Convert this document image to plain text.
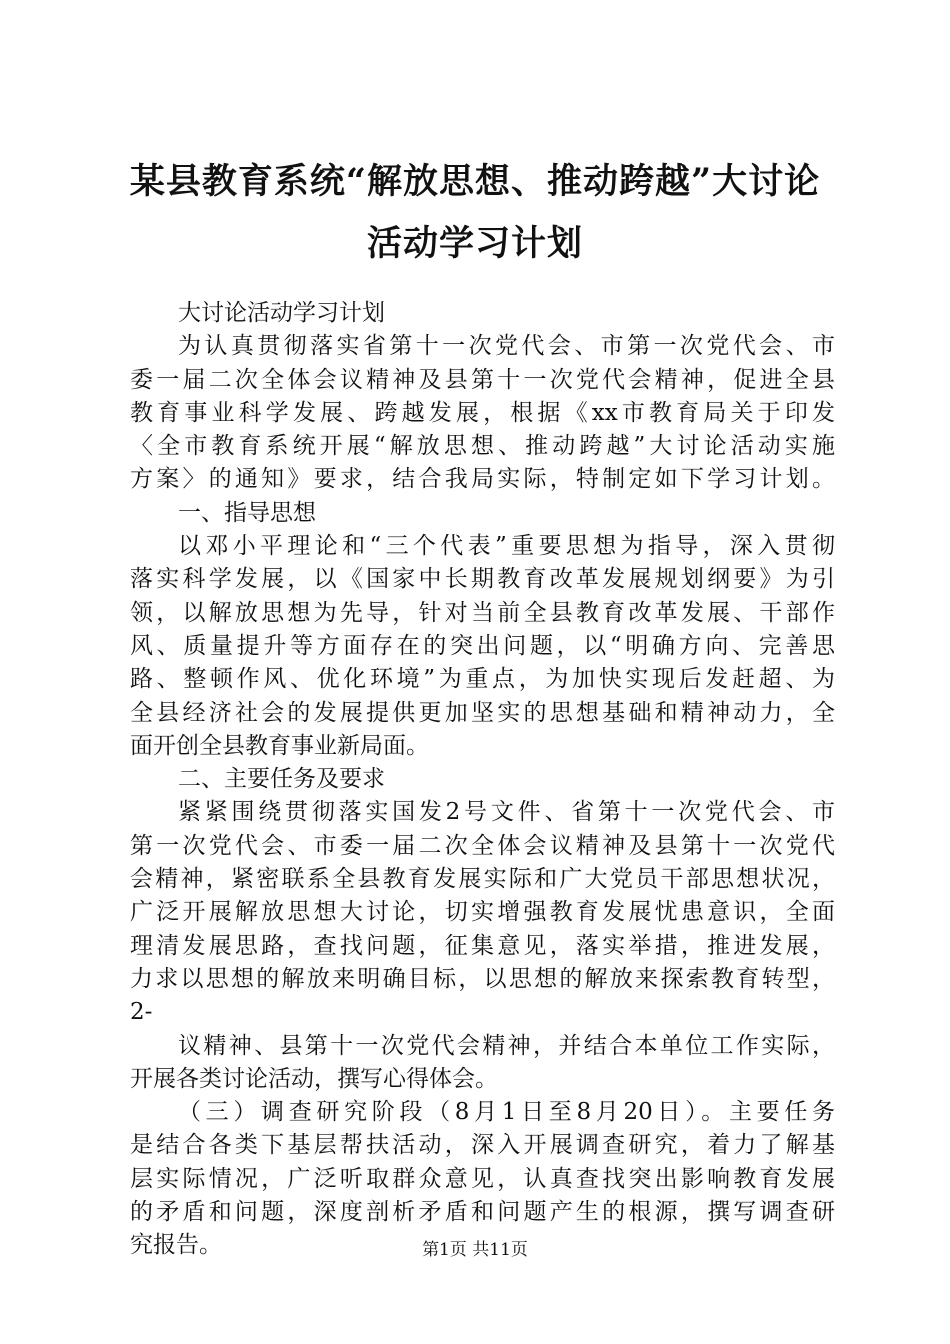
某县教育系统“解放思想、推动跨越”大讨论
活动学习计划
大讨论活动学习计划
为认真贯彻落实省第十一次党代会、市第一次党代会、市
委一届二次全体会议精神及县第十一次党代会精神，促进全县
教育事业科学发展、跨越发展，根据《xx市教育局关于印发
〈全市教育系统开展“解放思想、推动跨越”大讨论活动实施
方案〉的通知》要求，结合我局实际，特制定如下学习计划。
一、指导思想
以邓小平理论和“三个代表”重要思想为指导，深入贯彻
落实科学发展，以《国家中长期教育改革发展规划纲要》为引
领，以解放思想为先导，针对当前全县教育改革发展、干部作
风、质量提升等方面存在的突出问题，以“明确方向、完善思
路、整顿作风、优化环境”为重点，为加快实现后发赶超、为
全县经济社会的发展提供更加坚实的思想基础和精神动力，全
面开创全县教育事业新局面。
二、主要任务及要求
紧紧围绕贯彻落实国发2号文件、省第十一次党代会、市
第一次党代会、市委一届二次全体会议精神及县第十一次党代
会精神，紧密联系全县教育发展实际和广大党员干部思想状况，
广泛开展解放思想大讨论，切实增强教育发展忧患意识，全面
理清发展思路，查找问题，征集意见，落实举措，推进发展，
力求以思想的解放来明确目标，以思想的解放来探索教育转型，
2-
议精神、县第十一次党代会精神，并结合本单位工作实际，
开展各类讨论活动，撰写心得体会。
（三）调查研究阶段（8月1日至8月20日）。主要任务
是结合各类下基层帮扶活动，深入开展调查研究，着力了解基
层实际情况，广泛听取群众意见，认真查找突出影响教育发展
的矛盾和问题，深度剖析矛盾和问题产生的根源，撰写调查研
究报告。	第1页 共11页
